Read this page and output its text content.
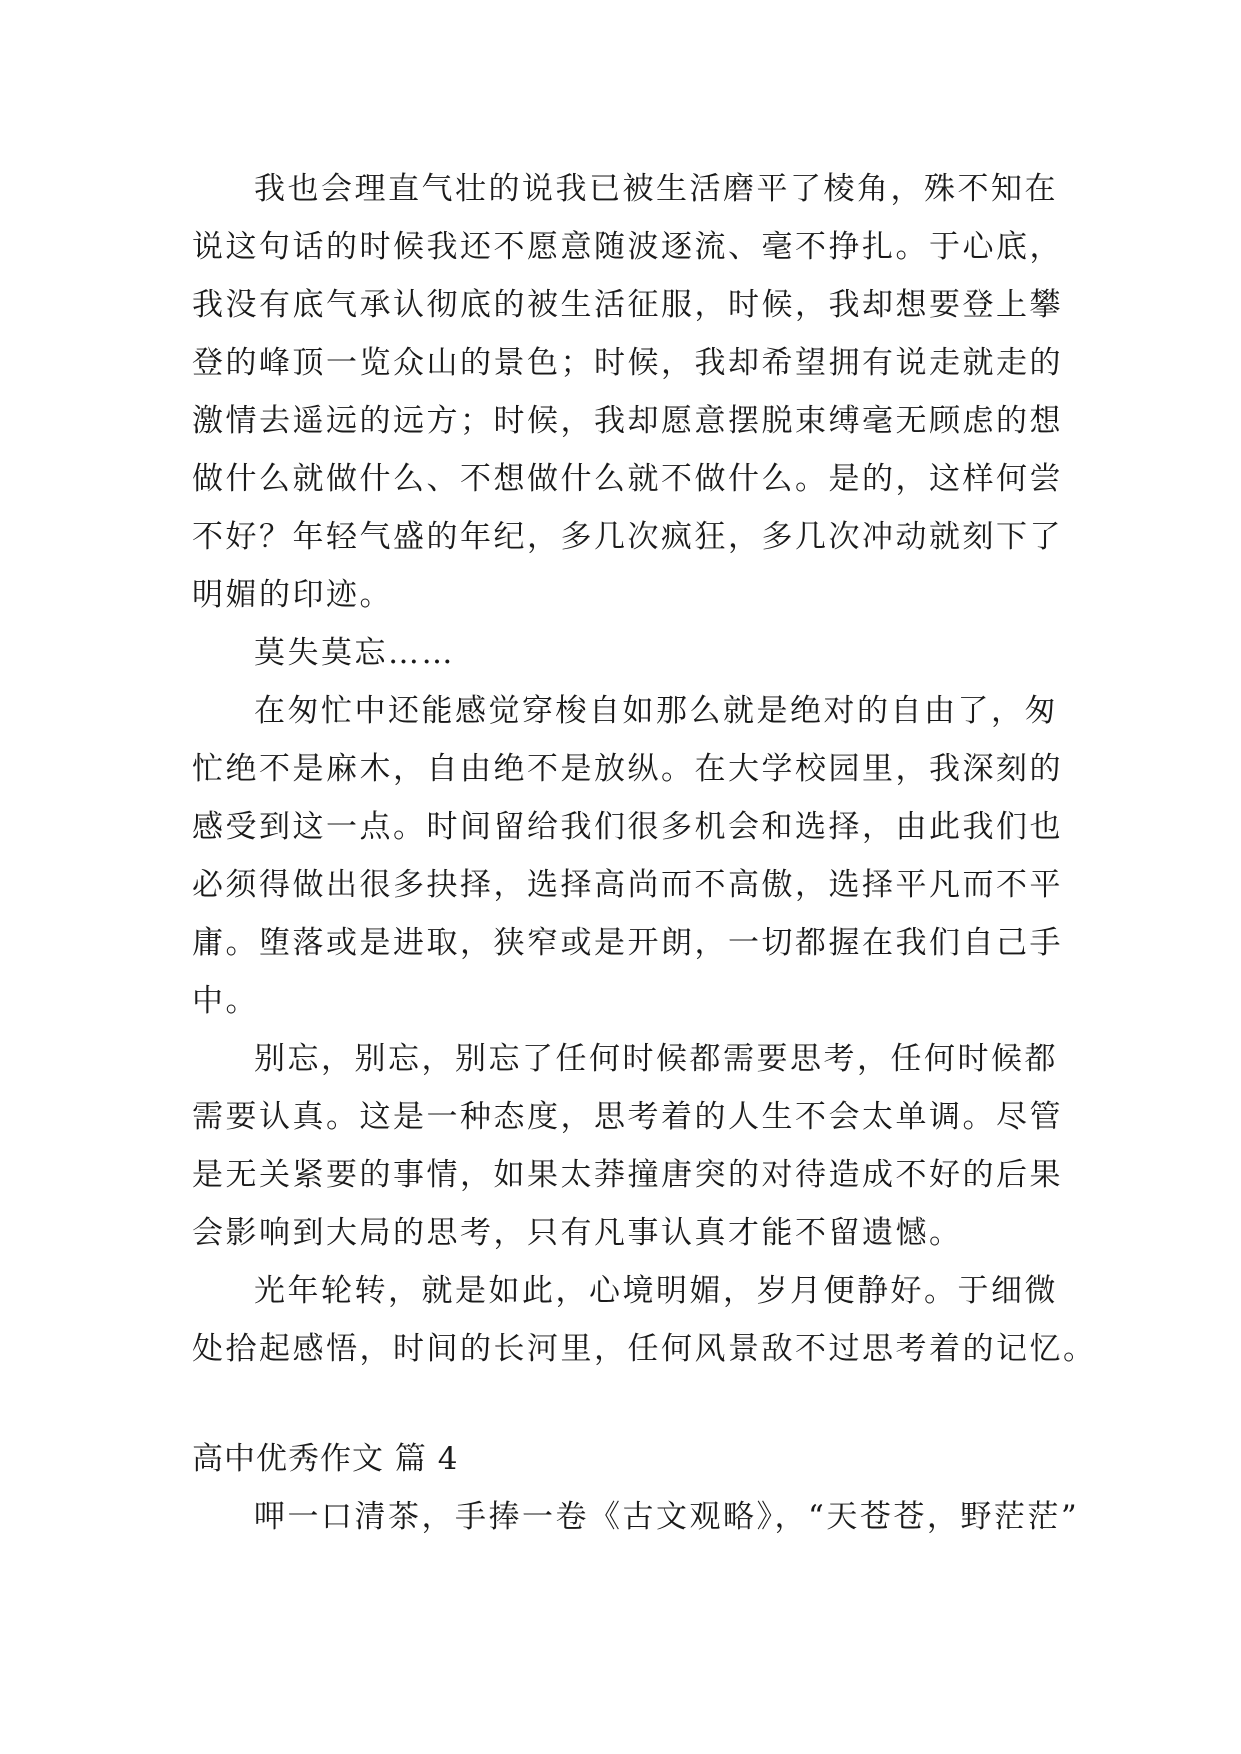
我也会理直气壮的说我已被生活磨平了棱角，殊不知在
说这句话的时候我还不愿意随波逐流、毫不挣扎。于心底，
我没有底气承认彻底的被生活征服，时候，我却想要登上攀
登的峰顶一览众山的景色；时候，我却希望拥有说走就走的
激情去遥远的远方；时候，我却愿意摆脱束缚毫无顾虑的想
做什么就做什么、不想做什么就不做什么。是的，这样何尝
不好？年轻气盛的年纪，多几次疯狂，多几次冲动就刻下了
明媚的印迹。
莫失莫忘……
在匆忙中还能感觉穿梭自如那么就是绝对的自由了，匆
忙绝不是麻木，自由绝不是放纵。在大学校园里，我深刻的
感受到这一点。时间留给我们很多机会和选择，由此我们也
必须得做出很多抉择，选择高尚而不高傲，选择平凡而不平
庸。堕落或是进取，狭窄或是开朗，一切都握在我们自己手
中。
别忘，别忘，别忘了任何时候都需要思考，任何时候都
需要认真。这是一种态度，思考着的人生不会太单调。尽管
是无关紧要的事情，如果太莽撞唐突的对待造成不好的后果
会影响到大局的思考，只有凡事认真才能不留遗憾。
光年轮转，就是如此，心境明媚，岁月便静好。于细微
处拾起感悟，时间的长河里，任何风景敌不过思考着的记忆。
高中优秀作文 篇 4
呷一口清茶，手捧一卷《古文观略》，“天苍苍，野茫茫”
